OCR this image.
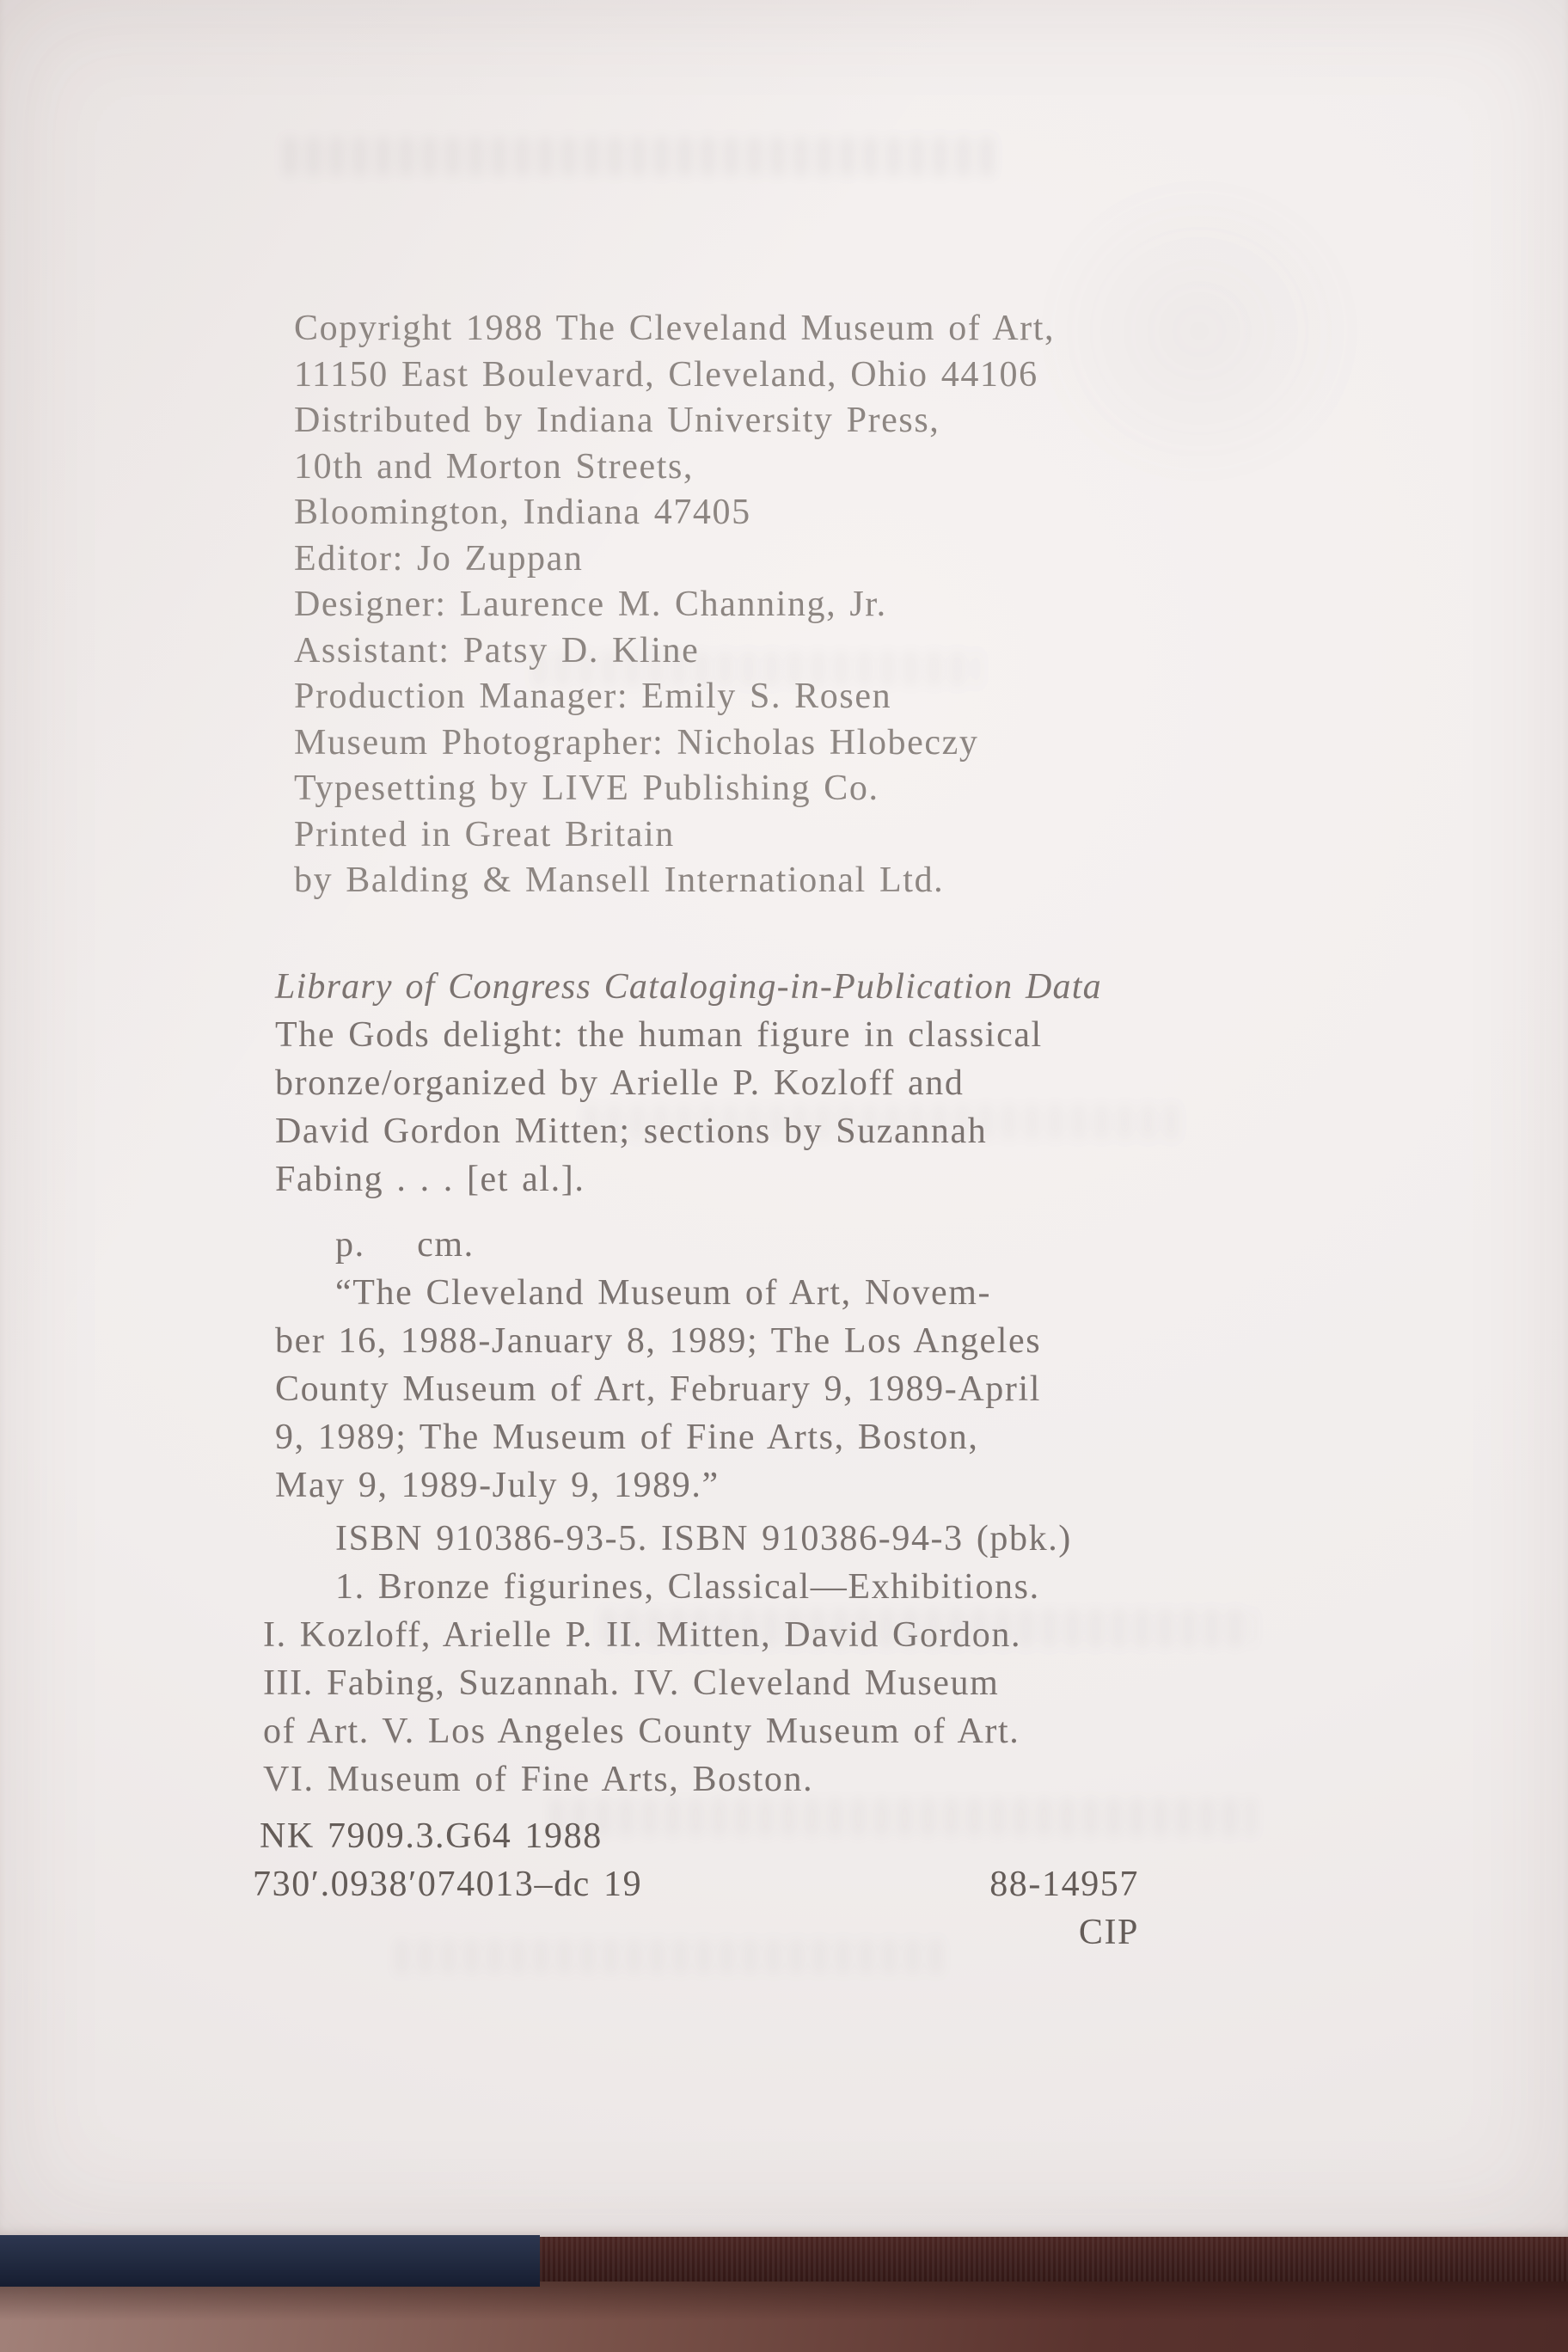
Copyright 1988 The Cleveland Museum of Art,
11150 East Boulevard, Cleveland, Ohio 44106
Distributed by Indiana University Press,
10th and Morton Streets,
Bloomington, Indiana 47405
Editor: Jo Zuppan
Designer: Laurence M. Channing, Jr.
Assistant: Patsy D. Kline
Production Manager: Emily S. Rosen
Museum Photographer: Nicholas Hlobeczy
Typesetting by LIVE Publishing Co.
Printed in Great Britain
by Balding & Mansell International Ltd.
Library of Congress Cataloging-in-Publication Data
The Gods delight: the human figure in classical
bronze/organized by Arielle P. Kozloff and
David Gordon Mitten; sections by Suzannah
Fabing . . . [et al.].
p.    cm.
“The Cleveland Museum of Art, Novem-
ber 16, 1988-January 8, 1989; The Los Angeles
County Museum of Art, February 9, 1989-April
9, 1989; The Museum of Fine Arts, Boston,
May 9, 1989-July 9, 1989.”
ISBN 910386-93-5. ISBN 910386-94-3 (pbk.)
1. Bronze figurines, Classical—Exhibitions.
I. Kozloff, Arielle P. II. Mitten, David Gordon.
III. Fabing, Suzannah. IV. Cleveland Museum
of Art. V. Los Angeles County Museum of Art.
VI. Museum of Fine Arts, Boston.
NK 7909.3.G64 1988
730′.0938′074013–dc 19	88-14957
CIP
